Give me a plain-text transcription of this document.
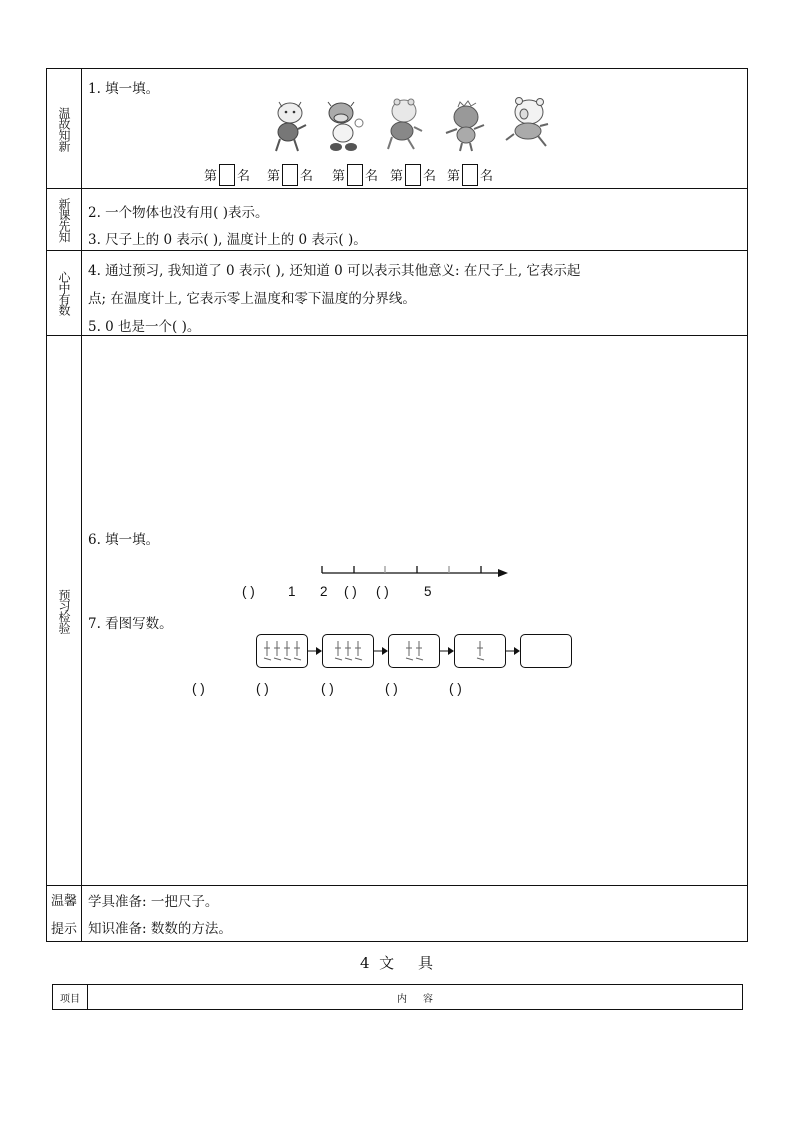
温故知新
1. 填一填。
第 名 第 名 第 名 第 名 第 名
新课先知 2. 一个物体也没有用( )表示。
3. 尺子上的 0 表示( ), 温度计上的 0 表示( )。
心中有数 4. 通过预习, 我知道了 0 表示( ), 还知道 0 可以表示其他意义: 在尺子上, 它表示起
点; 在温度计上, 它表示零上温度和零下温度的分界线。
5. 0 也是一个( )。
预习检验
6. 填一填。
( ) 1 2 ( ) ( )	5
7. 看图写数。
( )	( )	( )	( )	( )
温馨 学具准备: 一把尺子。
提示 知识准备: 数数的方法。
4  文     具
项目	内     容
